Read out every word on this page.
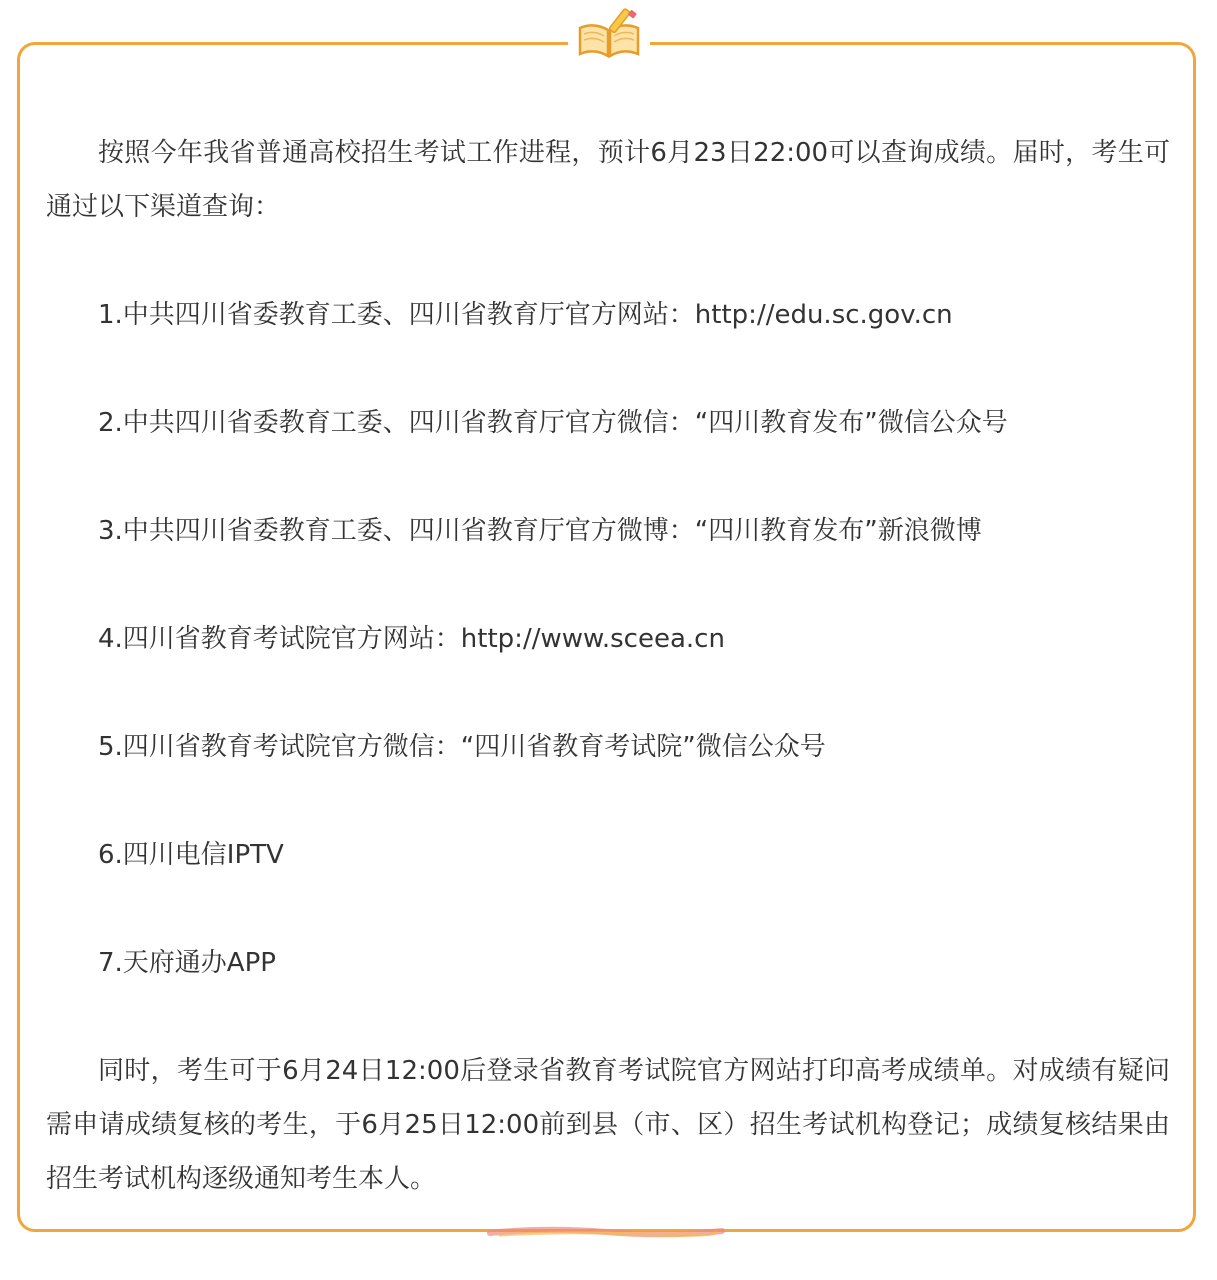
按照今年我省普通高校招生考试工作进程，预计6月23日22:00可以查询成绩。届时，考生可通过以下渠道查询：

1.中共四川省委教育工委、四川省教育厅官方网站：http://edu.sc.gov.cn
2.中共四川省委教育工委、四川省教育厅官方微信：“四川教育发布”微信公众号
3.中共四川省委教育工委、四川省教育厅官方微博：“四川教育发布”新浪微博
4.四川省教育考试院官方网站：http://www.sceea.cn
5.四川省教育考试院官方微信：“四川省教育考试院”微信公众号
6.四川电信IPTV
7.天府通办APP

同时，考生可于6月24日12:00后登录省教育考试院官方网站打印高考成绩单。对成绩有疑问需申请成绩复核的考生，于6月25日12:00前到县（市、区）招生考试机构登记；成绩复核结果由招生考试机构逐级通知考生本人。
